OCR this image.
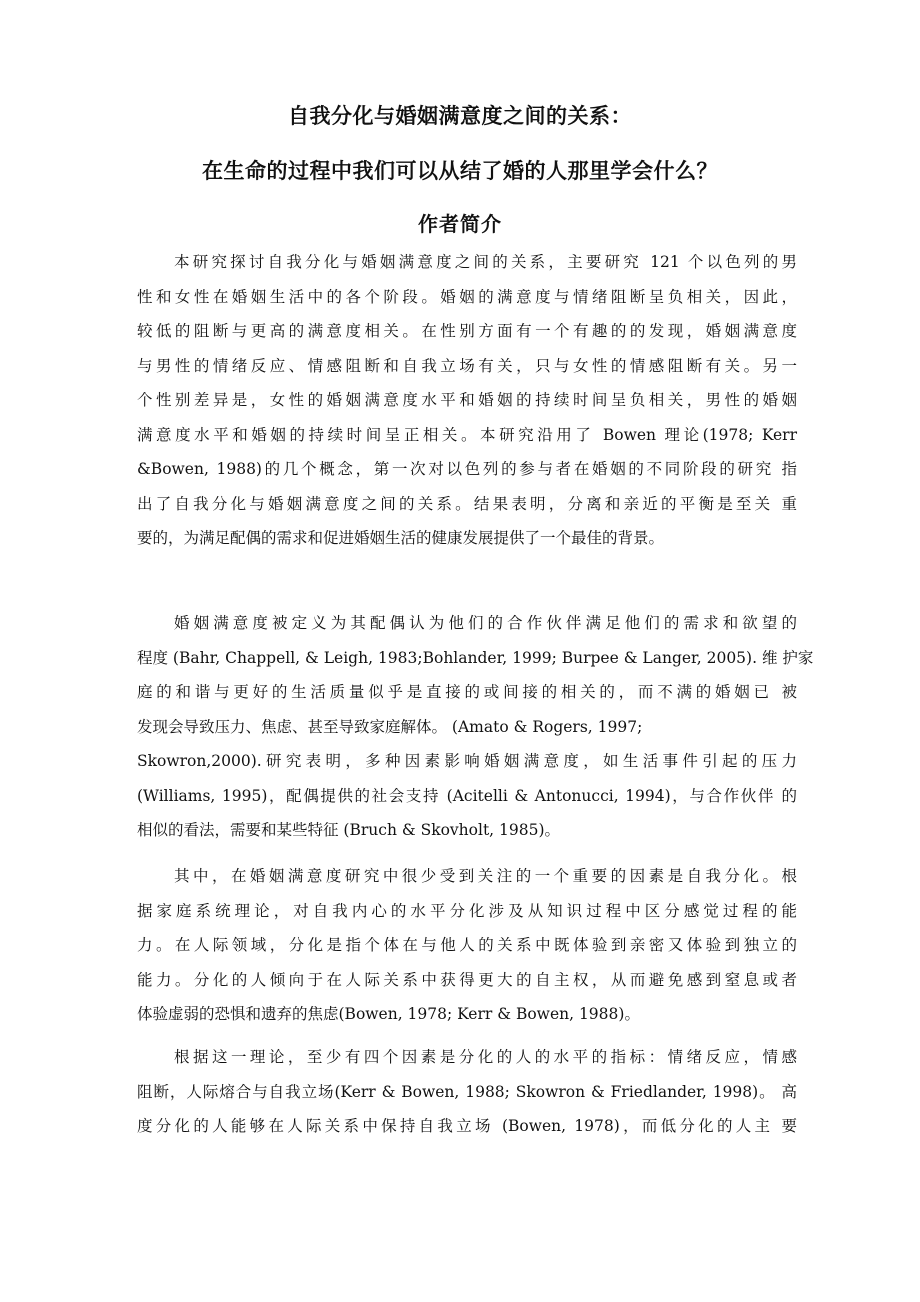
自我分化与婚姻满意度之间的关系：
在生命的过程中我们可以从结了婚的人那里学会什么？
作者简介
本研究探讨自我分化与婚姻满意度之间的关系，主要研究 121 个以色列的男
性和女性在婚姻生活中的各个阶段。婚姻的满意度与情绪阻断呈负相关，因此，
较低的阻断与更高的满意度相关。在性别方面有一个有趣的的发现，婚姻满意度
与男性的情绪反应、情感阻断和自我立场有关，只与女性的情感阻断有关。另一
个性别差异是，女性的婚姻满意度水平和婚姻的持续时间呈负相关，男性的婚姻
满意度水平和婚姻的持续时间呈正相关。本研究沿用了 Bowen 理论(1978; Kerr
&Bowen, 1988)的几个概念，第一次对以色列的参与者在婚姻的不同阶段的研究 指
出了自我分化与婚姻满意度之间的关系。结果表明，分离和亲近的平衡是至关 重
要的，为满足配偶的需求和促进婚姻生活的健康发展提供了一个最佳的背景。
婚姻满意度被定义为其配偶认为他们的合作伙伴满足他们的需求和欲望的
程度 (Bahr, Chappell, & Leigh, 1983;Bohlander, 1999; Burpee & Langer, 2005). 维 护家
庭的和谐与更好的生活质量似乎是直接的或间接的相关的，而不满的婚姻已 被
发现会导致压力、焦虑、甚至导致家庭解体。 (Amato & Rogers, 1997;
Skowron,2000).研究表明，多种因素影响婚姻满意度，如生活事件引起的压力
(Williams, 1995)，配偶提供的社会支持 (Acitelli & Antonucci, 1994)，与合作伙伴 的
相似的看法，需要和某些特征 (Bruch & Skovholt, 1985)。
其中，在婚姻满意度研究中很少受到关注的一个重要的因素是自我分化。根
据家庭系统理论，对自我内心的水平分化涉及从知识过程中区分感觉过程的能
力。在人际领域，分化是指个体在与他人的关系中既体验到亲密又体验到独立的
能力。分化的人倾向于在人际关系中获得更大的自主权，从而避免感到窒息或者
体验虚弱的恐惧和遗弃的焦虑(Bowen, 1978; Kerr & Bowen, 1988)。
根据这一理论，至少有四个因素是分化的人的水平的指标：情绪反应，情感
阻断，人际熔合与自我立场(Kerr & Bowen, 1988; Skowron & Friedlander, 1998)。 高
度分化的人能够在人际关系中保持自我立场 (Bowen, 1978)，而低分化的人主 要
